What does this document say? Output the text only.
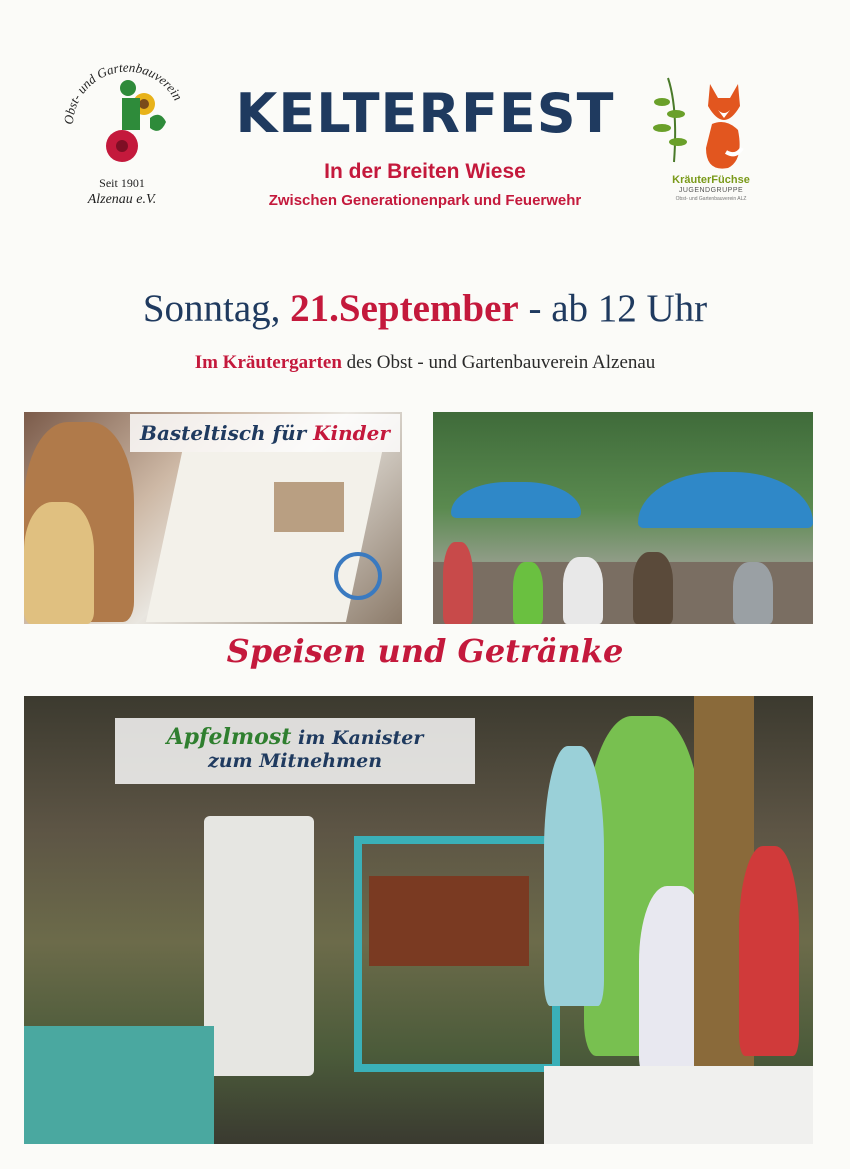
Obst- und Gartenbauverein
Seit 1901
Alzenau e.V.
KELTERFEST
In der Breiten Wiese
Zwischen Generationenpark und Feuerwehr
KräuterFüchse
JUGENDGRUPPE
Obst- und Gartenbauverein ALZ
Sonntag, 21.September - ab 12 Uhr
Im Kräutergarten des Obst - und Gartenbauverein Alzenau
Basteltisch für Kinder
Speisen und Getränke
Apfelmost im Kanister
zum Mitnehmen
